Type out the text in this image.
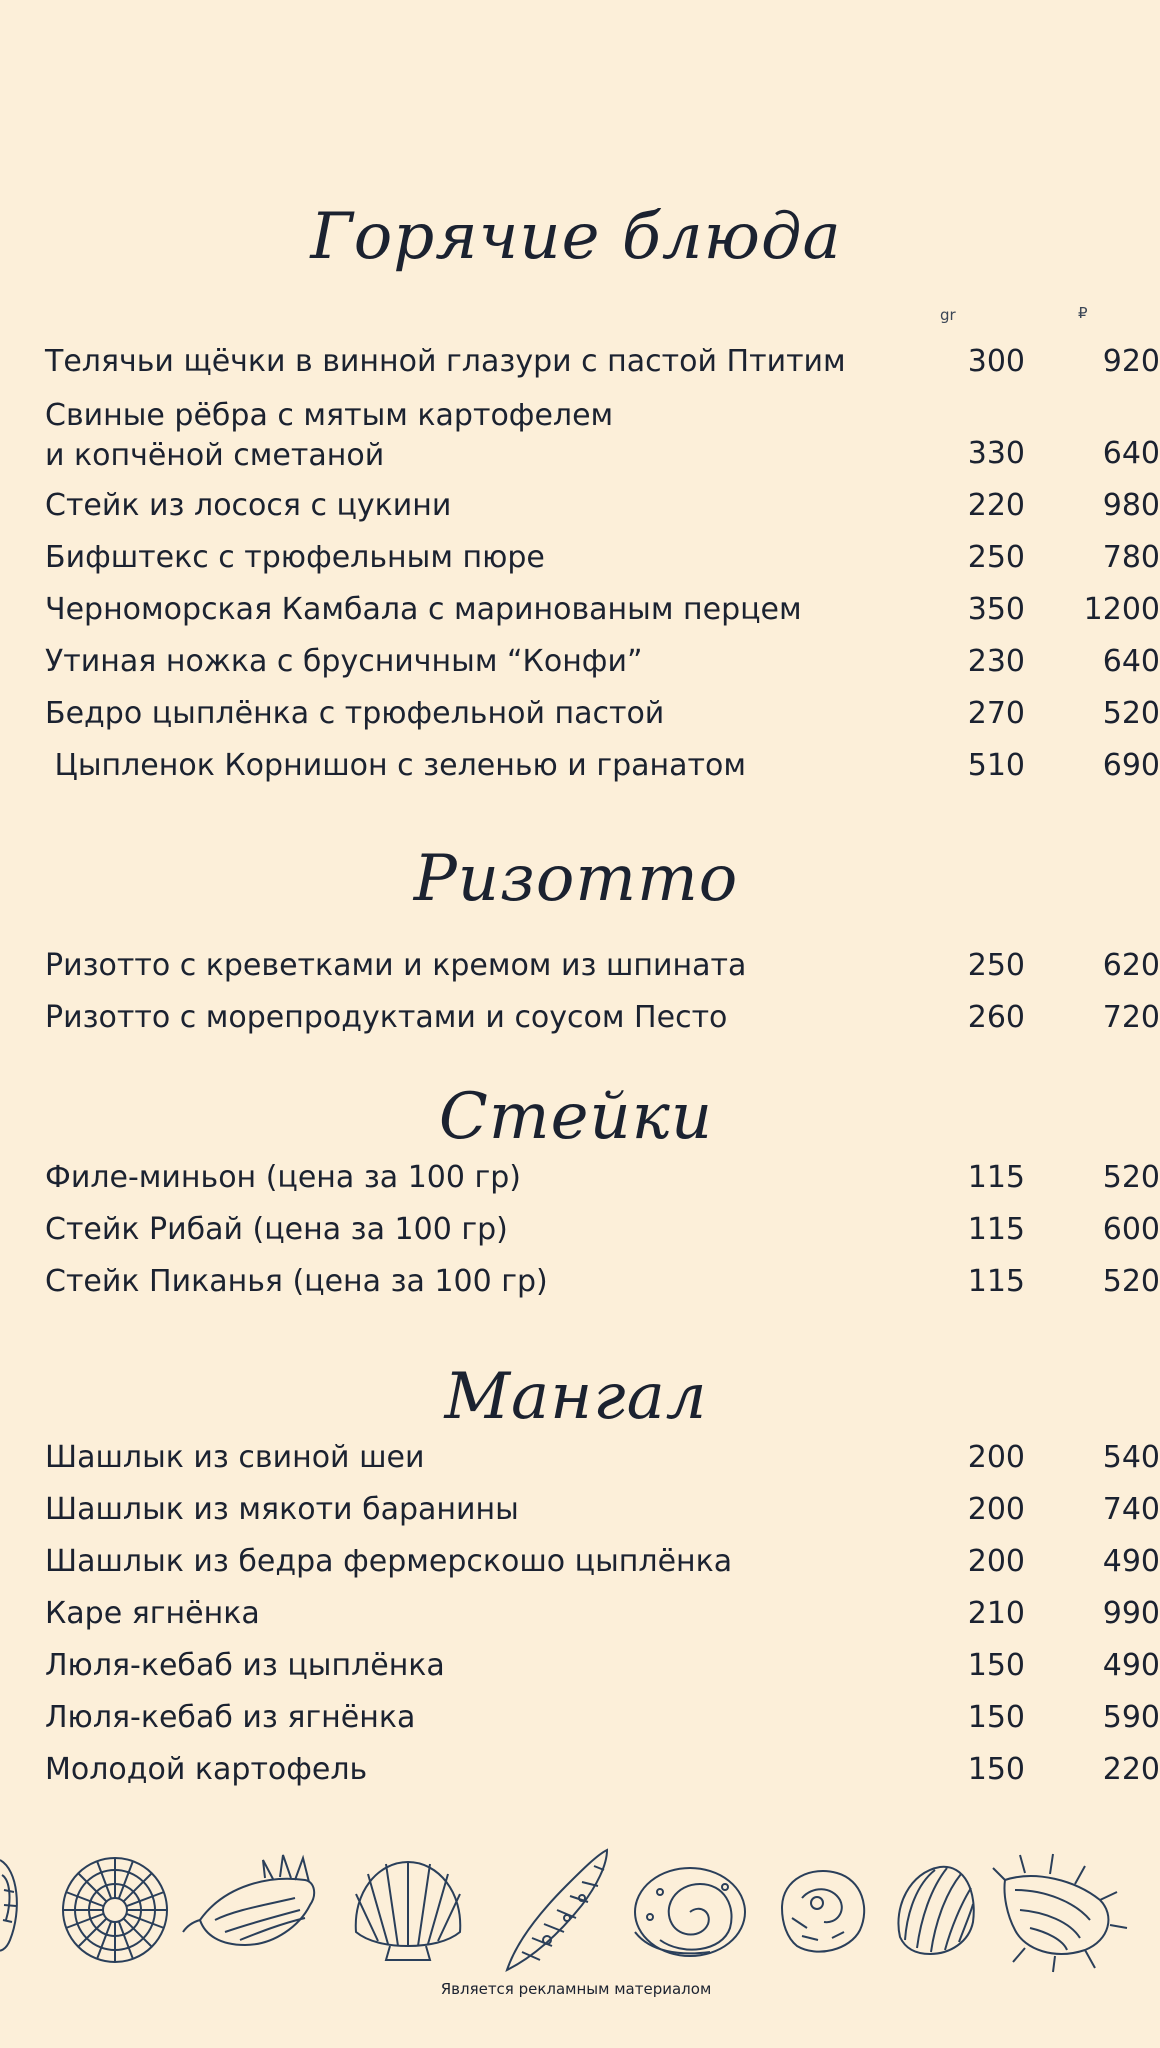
Горячие блюда
gr	₽
Телячьи щёчки в винной глазури с пастой Птитим	300	920
Свиные рёбра с мятым картофелем
и копчёной сметаной	330	640
Стейк из лосося с цукини	220	980
Бифштекс с трюфельным пюре	250	780
Черноморская Камбала с маринованым перцем	350	1200
Утиная ножка с брусничным “Конфи”	230	640
Бедро цыплёнка с трюфельной пастой	270	520
Цыпленок Корнишон с зеленью и гранатом	510	690
Ризотто
Ризотто с креветками и кремом из шпината	250	620
Ризотто с морепродуктами и соусом Песто	260	720
Стейки
Филе-миньон (цена за 100 гр)	115	520
Стейк Рибай (цена за 100 гр)	115	600
Стейк Пиканья (цена за 100 гр)	115	520
Мангал
Шашлык из свиной шеи	200	540
Шашлык из мякоти баранины	200	740
Шашлык из бедра фермерскошо цыплёнка	200	490
Каре ягнёнка	210	990
Люля-кебаб из цыплёнка	150	490
Люля-кебаб из ягнёнка	150	590
Молодой картофель	150	220
Является рекламным материалом
